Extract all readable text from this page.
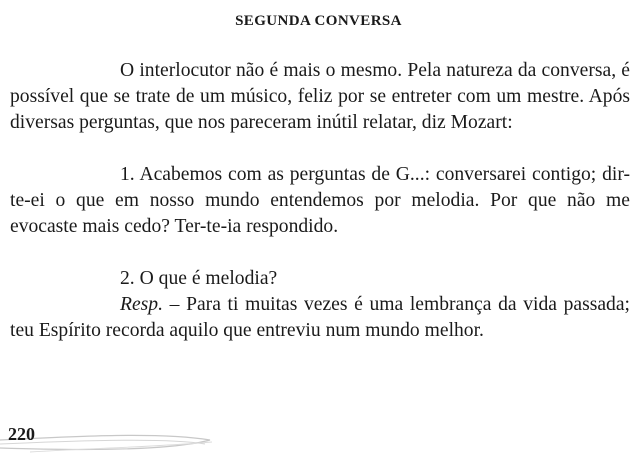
SEGUNDA CONVERSA

O interlocutor não é mais o mesmo. Pela natureza da conversa, é possível que se trate de um músico, feliz por se entreter com um mestre. Após diversas perguntas, que nos pareceram inútil relatar, diz Mozart:

1. Acabemos com as perguntas de G...: conversarei contigo; dir-te-ei o que em nosso mundo entendemos por melodia. Por que não me evocaste mais cedo? Ter-te-ia respondido.

2. O que é melodia?

Resp. – Para ti muitas vezes é uma lembrança da vida passada; teu Espírito recorda aquilo que entreviu num mundo melhor.

220
